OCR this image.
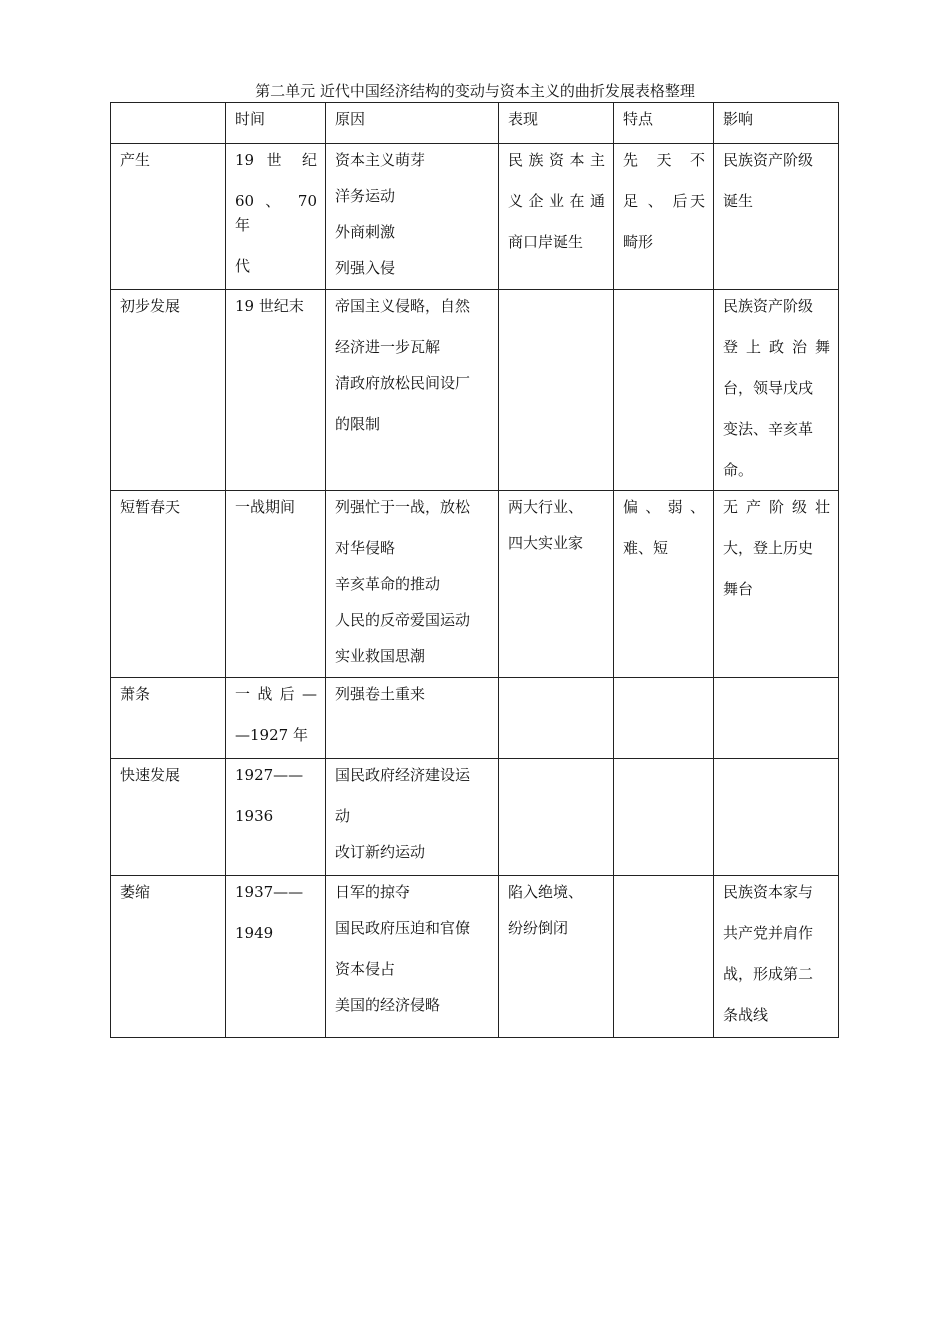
第二单元 近代中国经济结构的变动与资本主义的曲折发展表格整理
	时间	原因	表现	特点	影响
产生	19 世 纪
60 、 70 年
代	资本主义萌芽
洋务运动
外商刺激
列强入侵	民族资本主
义企业在通
商口岸诞生	先 天 不
足 、 后天
畸形	民族资产阶级
诞生

初步发展	19 世纪末	帝国主义侵略，自然
经济进一步瓦解
清政府放松民间设厂
的限制			民族资产阶级
登 上 政 治 舞
台，领导戊戌
变法、辛亥革
命。

短暂春天	一战期间	列强忙于一战，放松
对华侵略
辛亥革命的推动
人民的反帝爱国运动
实业救国思潮	两大行业、
四大实业家	偏 、 弱 、
难、短	无 产 阶 级 壮
大，登上历史
舞台

萧条	一 战 后 —
—1927 年	列强卷土重来			

快速发展	1927——
1936	国民政府经济建设运
动
改订新约运动			

萎缩	1937——
1949	日军的掠夺
国民政府压迫和官僚
资本侵占
美国的经济侵略	陷入绝境、
纷纷倒闭		民族资本家与
共产党并肩作
战，形成第二
条战线
